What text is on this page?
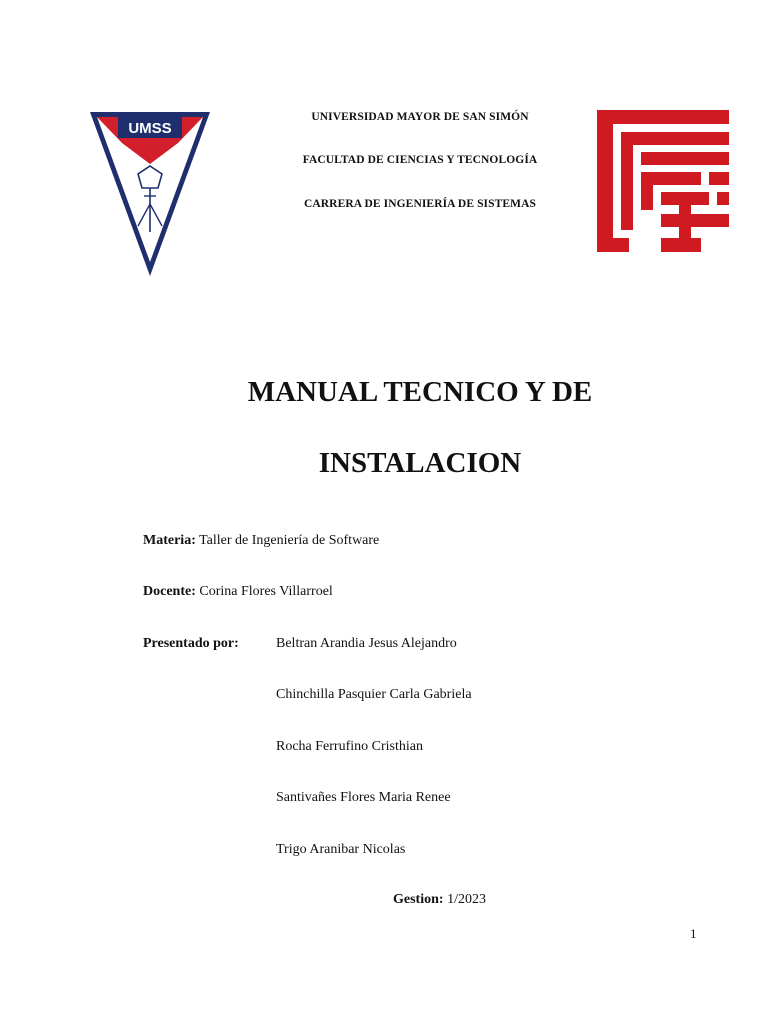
UMSS
UNIVERSIDAD MAYOR DE SAN SIMÓN
FACULTAD DE CIENCIAS Y TECNOLOGÍA
CARRERA DE INGENIERÍA DE SISTEMAS
MANUAL TECNICO Y DE
INSTALACION
Materia: Taller de Ingeniería de Software
Docente: Corina Flores Villarroel
Presentado por:	Beltran Arandia Jesus Alejandro
Chinchilla Pasquier Carla Gabriela
Rocha Ferrufino Cristhian
Santivañes Flores Maria Renee
Trigo Aranibar Nicolas
Gestion: 1/2023
1
